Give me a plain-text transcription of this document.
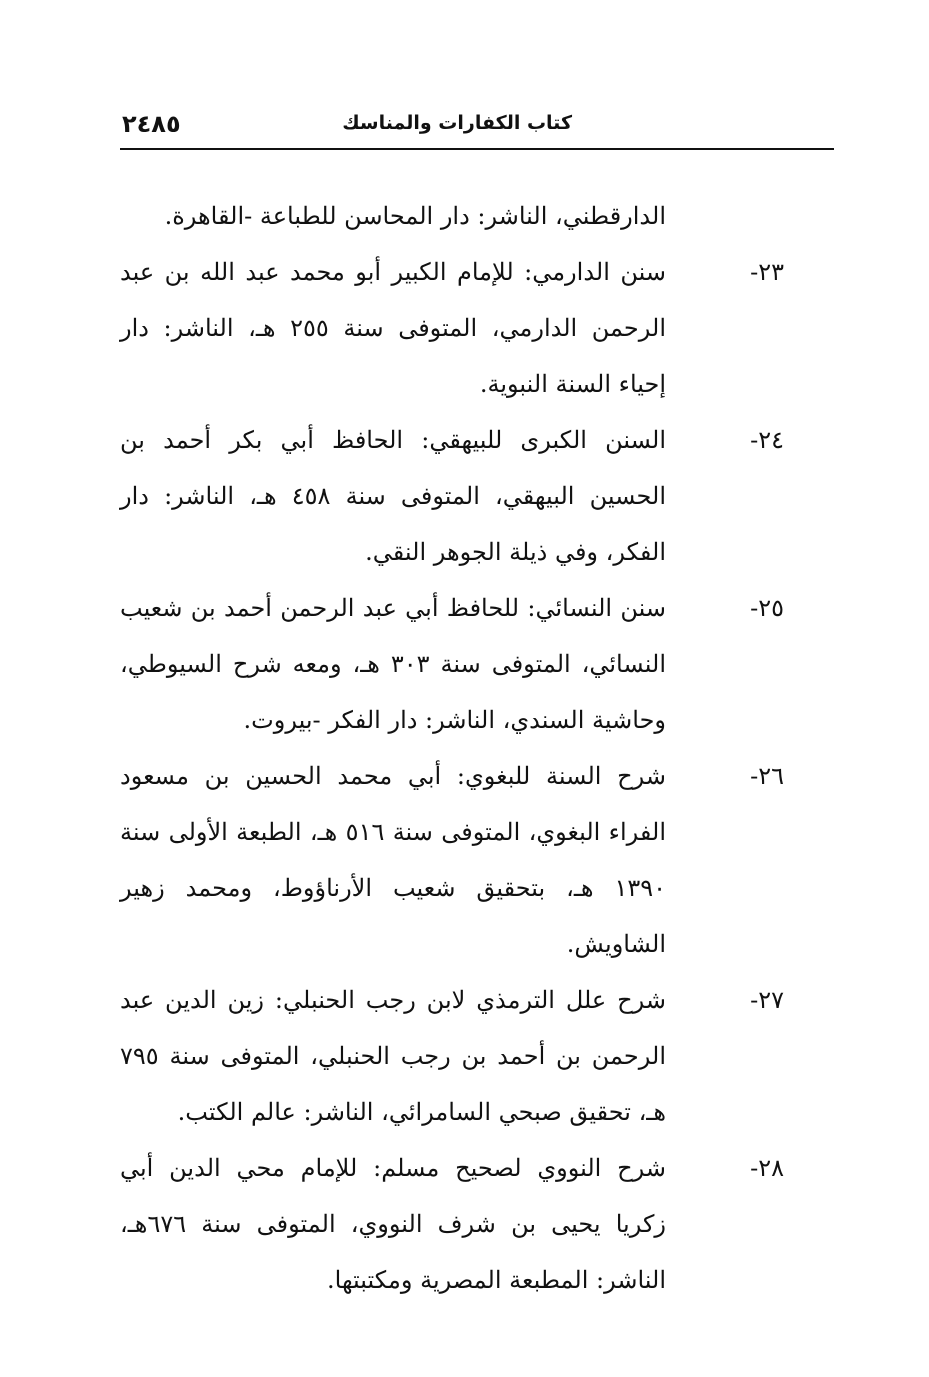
كتاب الكفارات والمناسك
٢٤٨٥
الدارقطني، الناشر: دار المحاسن للطباعة -القاهرة.
٢٣-
سنن الدارمي: للإمام الكبير أبو محمد عبد الله بن عبد الرحمن الدارمي، المتوفى سنة ٢٥٥ هـ، الناشر: دار إحياء السنة النبوية.
٢٤-
السنن الكبرى للبيهقي: الحافظ أبي بكر أحمد بن الحسين البيهقي، المتوفى سنة ٤٥٨ هـ، الناشر: دار الفكر، وفي ذيلة الجوهر النقي.
٢٥-
سنن النسائي: للحافظ أبي عبد الرحمن أحمد بن شعيب النسائي، المتوفى سنة ٣٠٣ هـ، ومعه شرح السيوطي، وحاشية السندي، الناشر: دار الفكر -بيروت.
٢٦-
شرح السنة للبغوي: أبي محمد الحسين بن مسعود الفراء البغوي، المتوفى سنة ٥١٦ هـ، الطبعة الأولى سنة ١٣٩٠ هـ، بتحقيق شعيب الأرناؤوط، ومحمد زهير الشاويش.
٢٧-
شرح علل الترمذي لابن رجب الحنبلي: زين الدين عبد الرحمن بن أحمد بن رجب الحنبلي، المتوفى سنة ٧٩٥ هـ، تحقيق صبحي السامرائي، الناشر: عالم الكتب.
٢٨-
شرح النووي لصحيح مسلم: للإمام محي الدين أبي زكريا يحيى بن شرف النووي، المتوفى سنة ٦٧٦هـ، الناشر: المطبعة المصرية ومكتبتها.
